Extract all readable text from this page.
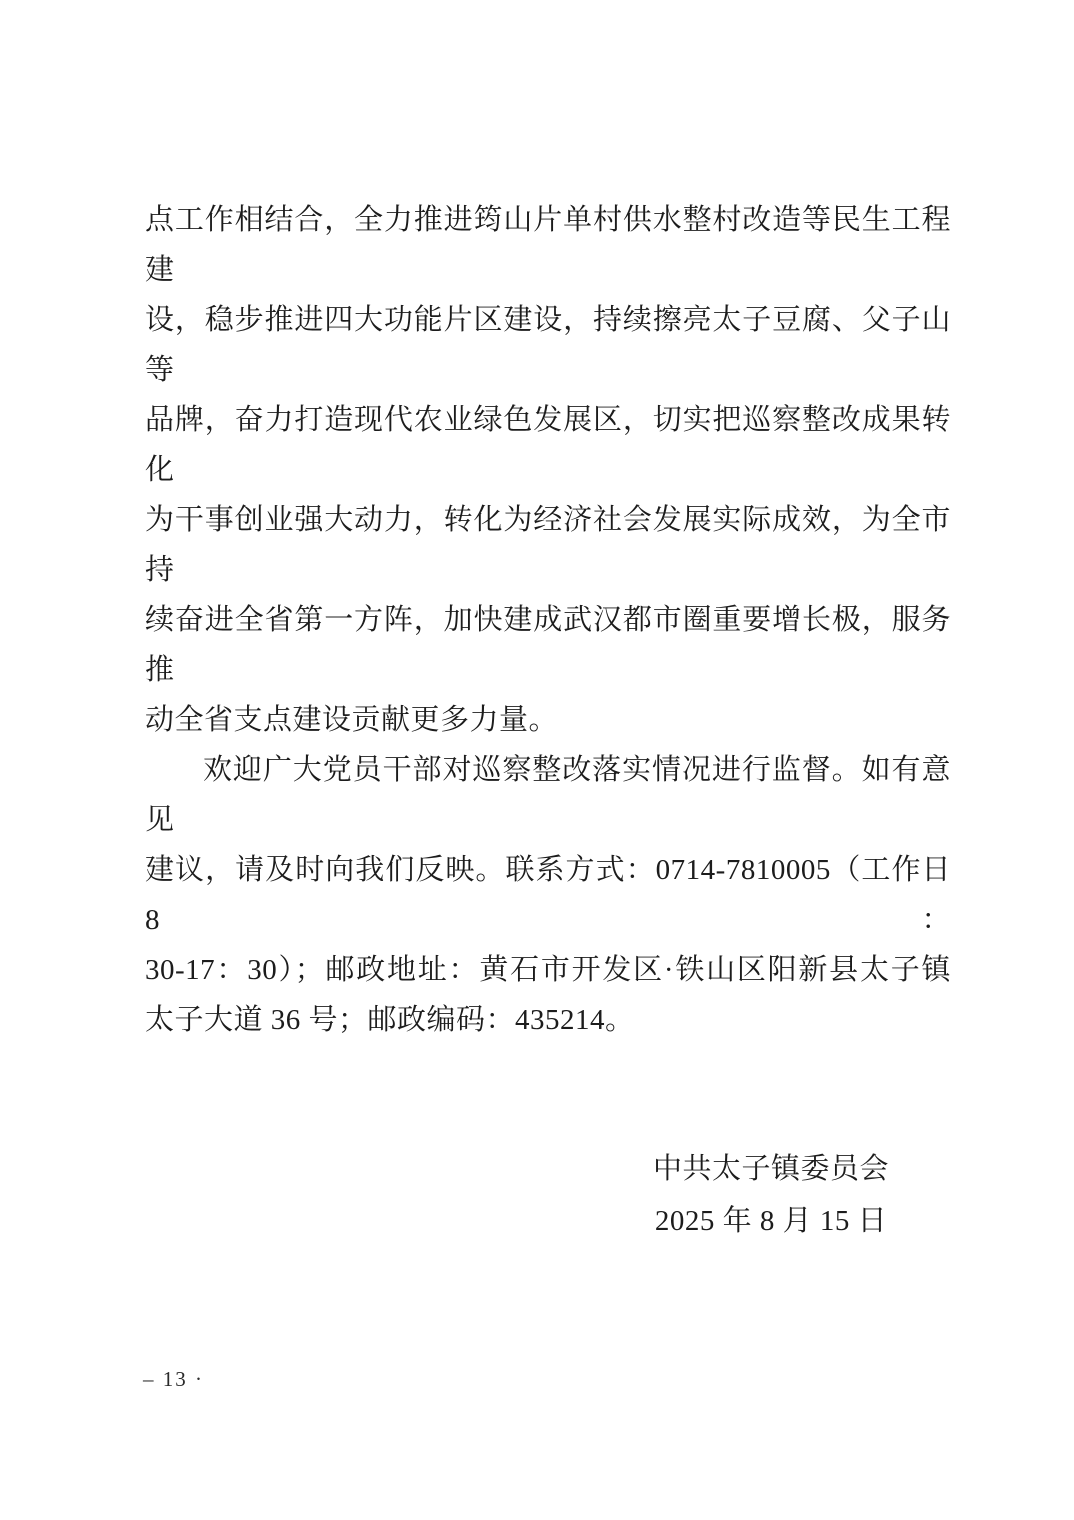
点工作相结合，全力推进筠山片单村供水整村改造等民生工程建
设，稳步推进四大功能片区建设，持续擦亮太子豆腐、父子山等
品牌，奋力打造现代农业绿色发展区，切实把巡察整改成果转化
为干事创业强大动力，转化为经济社会发展实际成效，为全市持
续奋进全省第一方阵，加快建成武汉都市圈重要增长极，服务推
动全省支点建设贡献更多力量。
欢迎广大党员干部对巡察整改落实情况进行监督。如有意见
建议，请及时向我们反映。联系方式：0714-7810005（工作日 8：
30-17：30）；邮政地址：黄石市开发区·铁山区阳新县太子镇
太子大道 36 号；邮政编码：435214。
中共太子镇委员会
2025 年 8 月 15 日
– 13 ·
